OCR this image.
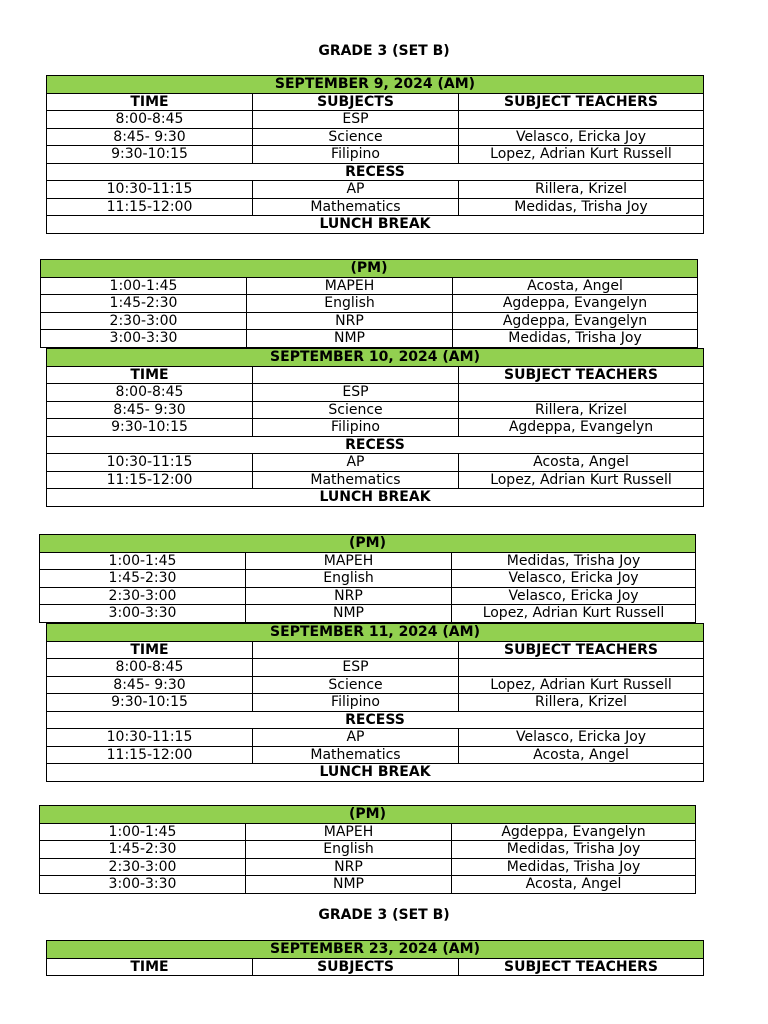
GRADE 3 (SET B)
SEPTEMBER 9, 2024 (AM)		
TIME	SUBJECTS	SUBJECT TEACHERS
8:00-8:45	ESP	
8:45- 9:30	Science	Velasco, Ericka Joy
9:30-10:15	Filipino	Lopez, Adrian Kurt Russell
RECESS		
10:30-11:15	AP	Rillera, Krizel
11:15-12:00	Mathematics	Medidas, Trisha Joy
LUNCH BREAK		
(PM)		
1:00-1:45	MAPEH	Acosta, Angel
1:45-2:30	English	Agdeppa, Evangelyn
2:30-3:00	NRP	Agdeppa, Evangelyn
3:00-3:30	NMP	Medidas, Trisha Joy
SEPTEMBER 10, 2024 (AM)		
TIME		SUBJECT TEACHERS
8:00-8:45	ESP	
8:45- 9:30	Science	Rillera, Krizel
9:30-10:15	Filipino	Agdeppa, Evangelyn
RECESS		
10:30-11:15	AP	Acosta, Angel
11:15-12:00	Mathematics	Lopez, Adrian Kurt Russell
LUNCH BREAK		
(PM)		
1:00-1:45	MAPEH	Medidas, Trisha Joy
1:45-2:30	English	Velasco, Ericka Joy
2:30-3:00	NRP	Velasco, Ericka Joy
3:00-3:30	NMP	Lopez, Adrian Kurt Russell
SEPTEMBER 11, 2024 (AM)		
TIME		SUBJECT TEACHERS
8:00-8:45	ESP	
8:45- 9:30	Science	Lopez, Adrian Kurt Russell
9:30-10:15	Filipino	Rillera, Krizel
RECESS		
10:30-11:15	AP	Velasco, Ericka Joy
11:15-12:00	Mathematics	Acosta, Angel
LUNCH BREAK		
(PM)		
1:00-1:45	MAPEH	Agdeppa, Evangelyn
1:45-2:30	English	Medidas, Trisha Joy
2:30-3:00	NRP	Medidas, Trisha Joy
3:00-3:30	NMP	Acosta, Angel
GRADE 3 (SET B)
SEPTEMBER 23, 2024 (AM)
TIME	SUBJECTS	SUBJECT TEACHERS
